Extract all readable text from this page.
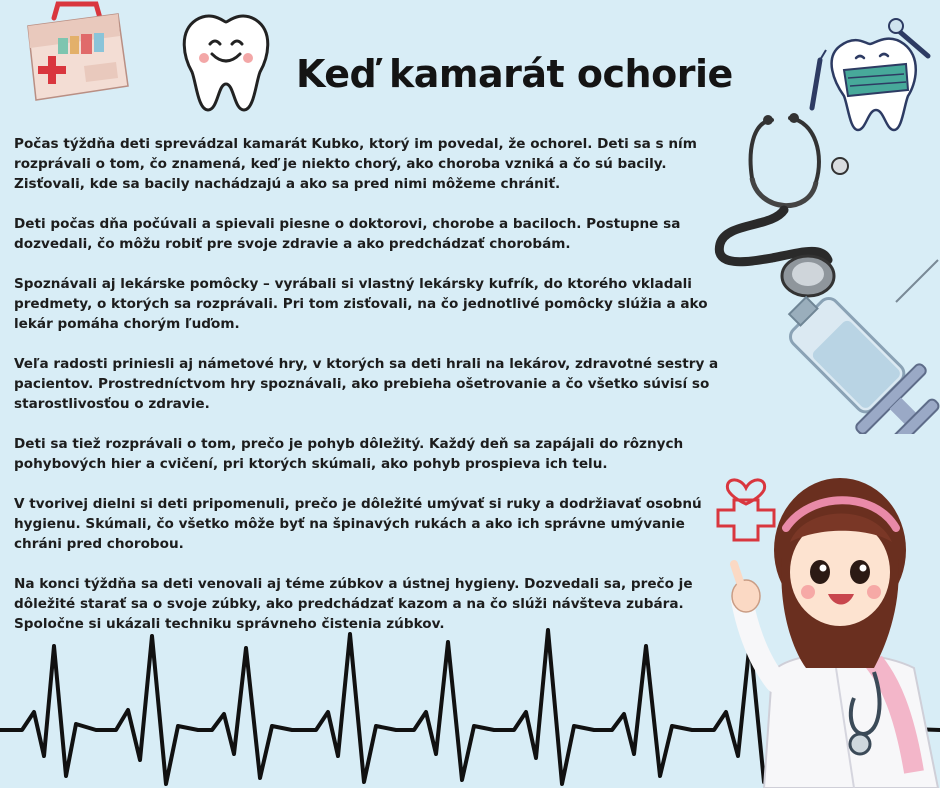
Keď kamarát ochorie

Počas týždňa deti sprevádzal kamarát Kubko, ktorý im povedal, že ochorel. Deti sa s ním rozprávali o tom, čo znamená, keď je niekto chorý, ako choroba vzniká a čo sú bacily. Zisťovali, kde sa bacily nachádzajú a ako sa pred nimi môžeme chrániť.

Deti počas dňa počúvali a spievali piesne o doktorovi, chorobe a baciloch. Postupne sa dozvedali, čo môžu robiť pre svoje zdravie a ako predchádzať chorobám.

Spoznávali aj lekárske pomôcky – vyrábali si vlastný lekársky kufrík, do ktorého vkladali predmety, o ktorých sa rozprávali. Pri tom zisťovali, na čo jednotlivé pomôcky slúžia a ako lekár pomáha chorým ľuďom.

Veľa radosti priniesli aj námetové hry, v ktorých sa deti hrali na lekárov, zdravotné sestry a pacientov. Prostredníctvom hry spoznávali, ako prebieha ošetrovanie a čo všetko súvisí so starostlivosťou o zdravie.

Deti sa tiež rozprávali o tom, prečo je pohyb dôležitý. Každý deň sa zapájali do rôznych pohybových hier a cvičení, pri ktorých skúmali, ako pohyb prospieva ich telu.

V tvorivej dielni si deti pripomenuli, prečo je dôležité umývať si ruky a dodržiavať osobnú hygienu. Skúmali, čo všetko môže byť na špinavých rukách a ako ich správne umývanie chráni pred chorobou.

Na konci týždňa sa deti venovali aj téme zúbkov a ústnej hygieny. Dozvedali sa, prečo je dôležité starať sa o svoje zúbky, ako predchádzať kazom a na čo slúži návšteva zubára. Spoločne si ukázali techniku správneho čistenia zúbkov.
